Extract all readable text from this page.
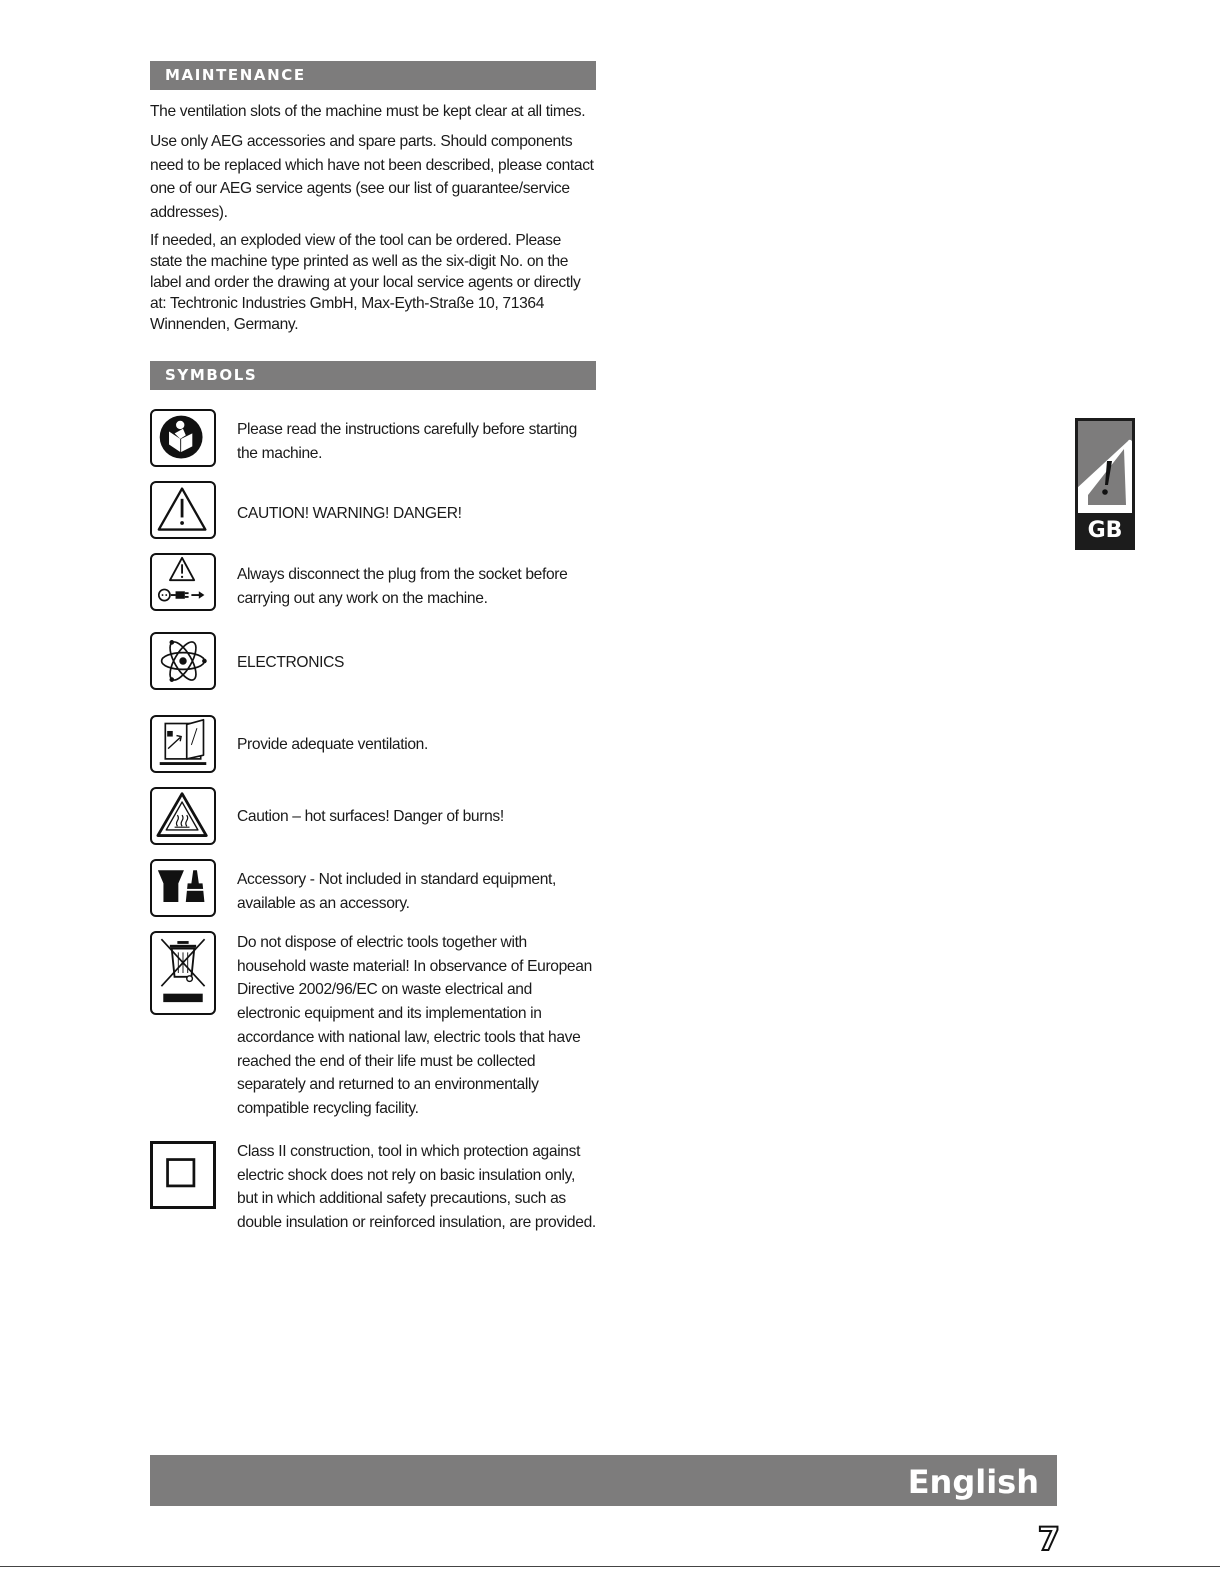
MAINTENANCE

The ventilation slots of the machine must be kept clear at all times.

Use only AEG accessories and spare parts. Should components need to be replaced which have not been described, please contact one of our AEG service agents (see our list of guarantee/service addresses).

If needed, an exploded view of the tool can be ordered. Please state the machine type printed as well as the six-digit No. on the label and order the drawing at your local service agents or directly at: Techtronic Industries GmbH, Max-Eyth-Straße 10, 71364 Winnenden, Germany.

SYMBOLS

Please read the instructions carefully before starting the machine.

CAUTION! WARNING! DANGER!

Always disconnect the plug from the socket before carrying out any work on the machine.

ELECTRONICS

Provide adequate ventilation.

Caution – hot surfaces! Danger of burns!

Accessory - Not included in standard equipment, available as an accessory.

Do not dispose of electric tools together with household waste material! In observance of European Directive 2002/96/EC on waste electrical and electronic equipment and its implementation in accordance with national law, electric tools that have reached the end of their life must be collected separately and returned to an environmentally compatible recycling facility.

Class II construction, tool in which protection against electric shock does not rely on basic insulation only, but in which additional safety precautions, such as double insulation or reinforced insulation, are provided.

GB
English
7
